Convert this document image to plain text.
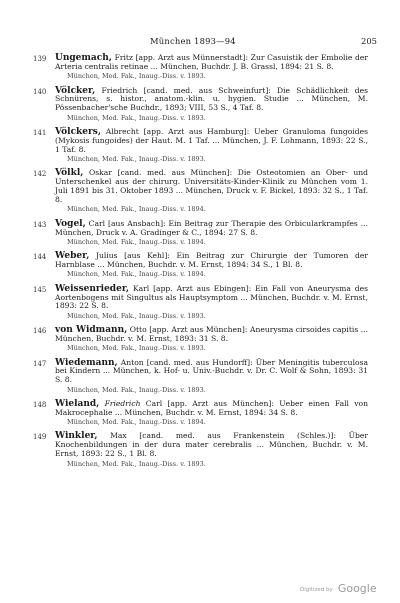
München 1893—94	205
139 Ungemach, Fritz [app. Arzt aus Münnerstadt]: Zur Casuistik der Embolie der Arteria centralis retinae ... München, Buchdr. J. B. Grassl, 1894: 21 S. 8.
München, Med. Fak., Inaug.-Diss. v. 1893.
140 Völcker, Friedrich [cand. med. aus Schweinfurt]: Die Schädlichkeit des Schnürens, s. histor., anatom.-klin. u. hygien. Studie ... München, M. Pössenbacher'sche Buchdr., 1893; VIII, 53 S., 4 Taf. 8.
München, Med. Fak., Inaug.-Diss. v. 1893.
141 Völckers, Albrecht [app. Arzt aus Hamburg]: Ueber Granuloma fungoides (Mykosis fungoides) der Haut. M. 1 Taf. ... München, J. F. Lohmann, 1893: 22 S., 1 Taf. 8.
München, Med. Fak., Inaug.-Diss. v. 1893.
142 Völkl, Oskar [cand. med. aus München]: Die Osteotomien an Ober- und Unterschenkel aus der chirurg. Universitäts-Kinder-Klinik zu München vom 1. Juli 1891 bis 31. Oktober 1893 ... München, Druck v. F. Bickel, 1893: 32 S., 1 Taf. 8.
München, Med. Fak., Inaug.-Diss. v. 1894.
143 Vogel, Carl [aus Ansbach]: Ein Beitrag zur Therapie des Orbicularkrampfes ... München, Druck v. A. Gradinger & C., 1894: 27 S. 8.
München, Med. Fak., Inaug.-Diss. v. 1894.
144 Weber, Julius [aus Kehl]: Ein Beitrag zur Chirurgie der Tumoren der Harnblase ... München, Buchdr. v. M. Ernst, 1894: 34 S., 1 Bl. 8.
München, Med. Fak., Inaug.-Diss. v. 1894.
145 Weissenrieder, Karl [app. Arzt aus Ebingen]: Ein Fall von Aneurysma des Aortenbogens mit Singultus als Hauptsymptom ... München, Buchdr. v. M. Ernst, 1893: 22 S. 8.
München, Med. Fak., Inaug.-Diss. v. 1893.
146 von Widmann, Otto [app. Arzt aus München]: Aneurysma cirsoides capitis ... München, Buchdr. v. M. Ernst, 1893: 31 S. 8.
München, Med. Fak., Inaug.-Diss. v. 1893.
147 Wiedemann, Anton [cand. med. aus Hundorff]: Über Meningitis tuberculosa bei Kindern ... München, k. Hof- u. Univ.-Buchdr. v. Dr. C. Wolf & Sohn, 1893: 31 S. 8.
München, Med. Fak., Inaug.-Diss. v. 1893.
148 Wieland, Friedrich Carl [app. Arzt aus München]: Ueber einen Fall von Makrocephalie ... München, Buchdr. v. M. Ernst, 1894: 34 S. 8.
München, Med. Fak., Inaug.-Diss. v. 1894.
149 Winkler, Max [cand. med. aus Frankenstein (Schles.)]: Über Knochenbildungen in der dura mater cerebralis ... München, Buchdr. v. M. Ernst, 1893: 22 S., 1 Bl. 8.
München, Med. Fak., Inaug.-Diss. v. 1893.
Digitized by Google
